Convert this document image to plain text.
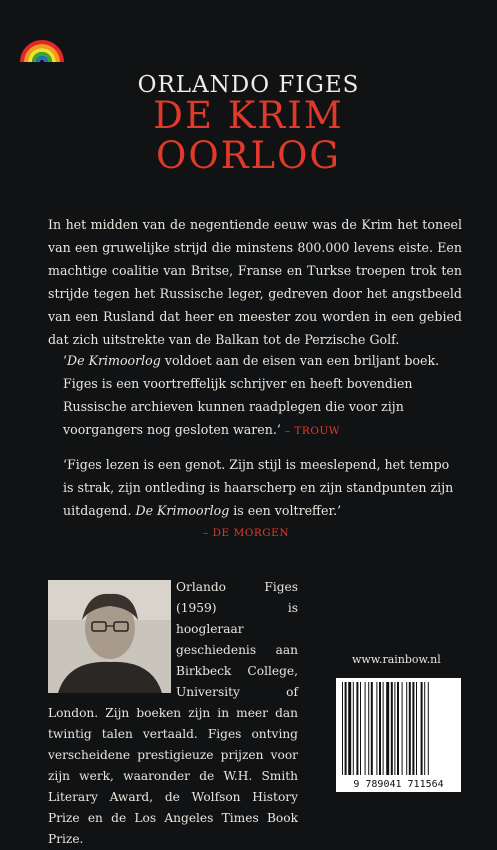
ORLANDO FIGES
DE KRIM
OORLOG
In het midden van de negentiende eeuw was de Krim het toneel van een gruwelijke strijd die minstens 800.000 levens eiste. Een machtige coalitie van Britse, Franse en Turkse troepen trok ten strijde tegen het Russische leger, gedreven door het angstbeeld van een Rusland dat heer en meester zou worden in een gebied dat zich uitstrekte van de Balkan tot de Perzische Golf.
‘De Krimoorlog voldoet aan de eisen van een briljant boek. Figes is een voortreffelijk schrijver en heeft bovendien Russische archieven kunnen raadplegen die voor zijn voorgangers nog gesloten waren.’ – TROUW
‘Figes lezen is een genot. Zijn stijl is meeslepend, het tempo is strak, zijn ontleding is haarscherp en zijn standpunten zijn uitdagend. De Krimoorlog is een voltreffer.’
– DE MORGEN
Orlando Figes (1959) is hoogleraar geschiedenis aan Birkbeck College, University of London. Zijn boeken zijn in meer dan twintig talen vertaald. Figes ontving verscheidene prestigieuze prijzen voor zijn werk, waaronder de W.H. Smith Literary Award, de Wolfson History Prize en de Los Angeles Times Book Prize.
www.rainbow.nl
9 789041 711564
